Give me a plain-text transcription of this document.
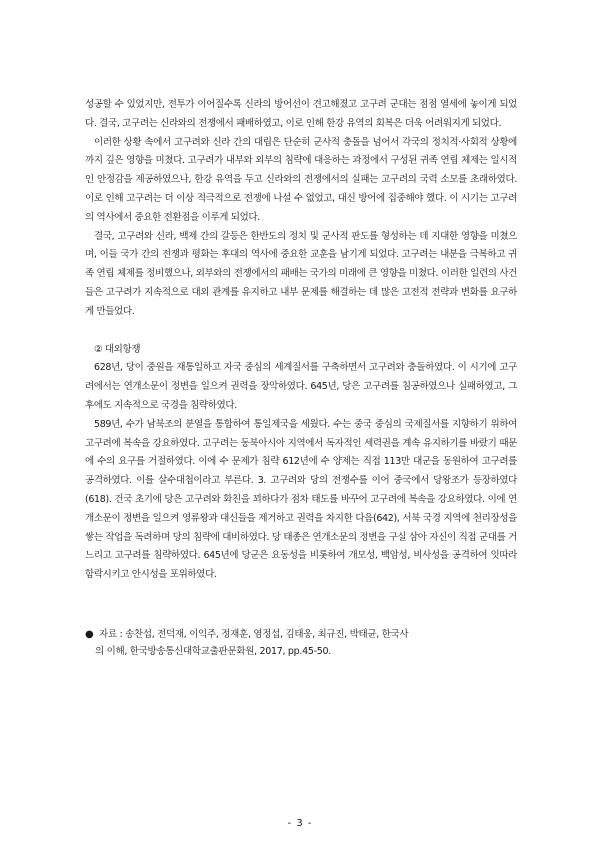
성공할 수 있었지만, 전투가 이어질수록 신라의 방어선이 견고해졌고 고구려 군대는 점점 열세에 놓이게 되었다. 결국, 고구려는 신라와의 전쟁에서 패배하였고, 이로 인해 한강 유역의 회복은 더욱 어려워지게 되었다.

이러한 상황 속에서 고구려와 신라 간의 대립은 단순히 군사적 충돌을 넘어서 각국의 정치적·사회적 상황에까지 깊은 영향을 미쳤다. 고구려가 내부와 외부의 침략에 대응하는 과정에서 구성된 귀족 연립 체제는 일시적인 안정감을 제공하였으나, 한강 유역을 두고 신라와의 전쟁에서의 실패는 고구려의 국력 소모를 초래하였다. 이로 인해 고구려는 더 이상 적극적으로 전쟁에 나설 수 없었고, 대신 방어에 집중해야 했다. 이 시기는 고구려의 역사에서 중요한 전환점을 이루게 되었다.

결국, 고구려와 신라, 백제 간의 갈등은 한반도의 정치 및 군사적 판도를 형성하는 데 지대한 영향을 미쳤으며, 이들 국가 간의 전쟁과 평화는 후대의 역사에 중요한 교훈을 남기게 되었다. 고구려는 내분을 극복하고 귀족 연립 체제를 정비했으나, 외부와의 전쟁에서의 패배는 국가의 미래에 큰 영향을 미쳤다. 이러한 일련의 사건들은 고구려가 지속적으로 대외 관계를 유지하고 내부 문제를 해결하는 데 많은 고전적 전략과 변화를 요구하게 만들었다.

② 대외항쟁

628년, 당이 중원을 재통일하고 자국 중심의 세계질서를 구축하면서 고구려와 충돌하였다. 이 시기에 고구려에서는 연개소문이 정변을 일으켜 권력을 장악하였다. 645년, 당은 고구려를 침공하였으나 실패하였고, 그 후에도 지속적으로 국경을 침략하였다.

589년, 수가 남북조의 분열을 통합하여 통일제국을 세웠다. 수는 중국 중심의 국제질서를 지향하기 위하여 고구려에 복속을 강요하였다. 고구려는 동북아시아 지역에서 독자적인 세력권을 계속 유지하기를 바랐기 때문에 수의 요구를 거절하였다. 이에 수 문제가 침략 612년에 수 양제는 직접 113만 대군을 동원하여 고구려를 공격하였다. 이를 살수대첩이라고 부른다. 3. 고구려와 당의 전쟁수를 이어 중국에서 당왕조가 등장하였다(618). 건국 초기에 당은 고구려와 화친을 꾀하다가 점차 태도를 바꾸어 고구려에 복속을 강요하였다. 이에 연개소문이 정변을 일으켜 영류왕과 대신들을 제거하고 권력을 차지한 다음(642), 서북 국경 지역에 천리장성을 쌓는 작업을 독려하며 당의 침략에 대비하였다. 당 태종은 연개소문의 정변을 구실 삼아 자신이 직접 군대를 거느리고 고구려를 침략하였다. 645년에 당군은 요동성을 비롯하여 개모성, 백암성, 비사성을 공격하여 잇따라 함락시키고 안시성을 포위하였다.

● 자료 : 송찬섭, 전덕재, 이익주, 정재훈, 염정섭, 김태웅, 최규진, 박태균, 한국사
의 이해, 한국방송통신대학교출판문화원, 2017, pp.45-50.
- 3 -
